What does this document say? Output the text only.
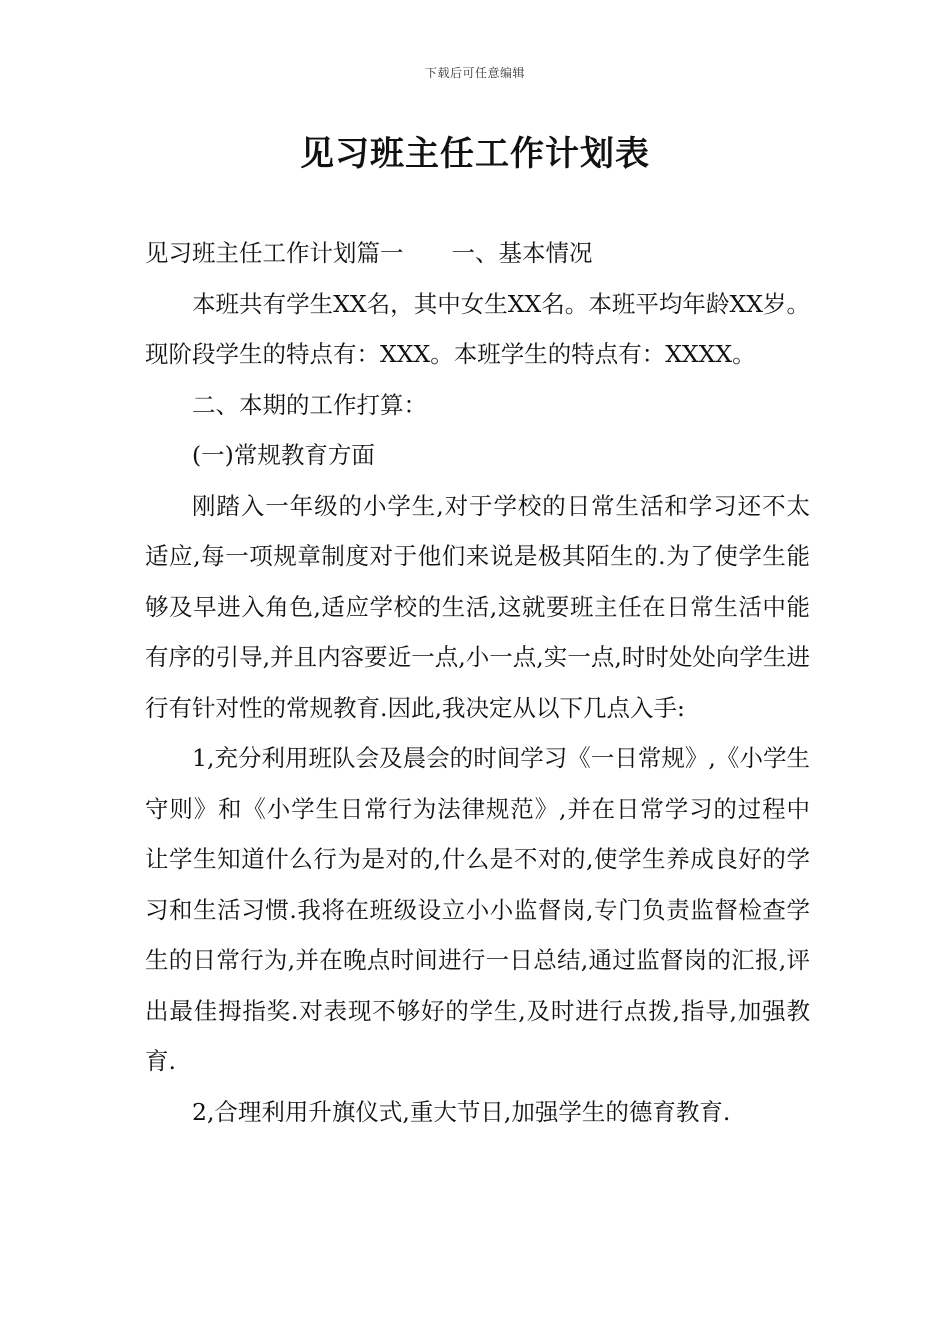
下载后可任意编辑
见习班主任工作计划表

见习班主任工作计划篇一 一、基本情况

本班共有学生XX名，其中女生XX名。本班平均年龄XX岁。现阶段学生的特点有：XXX。本班学生的特点有：XXXX。

二、本期的工作打算：

(一)常规教育方面

刚踏入一年级的小学生,对于学校的日常生活和学习还不太适应,每一项规章制度对于他们来说是极其陌生的.为了使学生能够及早进入角色,适应学校的生活,这就要班主任在日常生活中能有序的引导,并且内容要近一点,小一点,实一点,时时处处向学生进行有针对性的常规教育.因此,我决定从以下几点入手:

1,充分利用班队会及晨会的时间学习《一日常规》,《小学生守则》和《小学生日常行为法律规范》,并在日常学习的过程中让学生知道什么行为是对的,什么是不对的,使学生养成良好的学习和生活习惯.我将在班级设立小小监督岗,专门负责监督检查学生的日常行为,并在晚点时间进行一日总结,通过监督岗的汇报,评出最佳拇指奖.对表现不够好的学生,及时进行点拨,指导,加强教育.

2,合理利用升旗仪式,重大节日,加强学生的德育教育.
